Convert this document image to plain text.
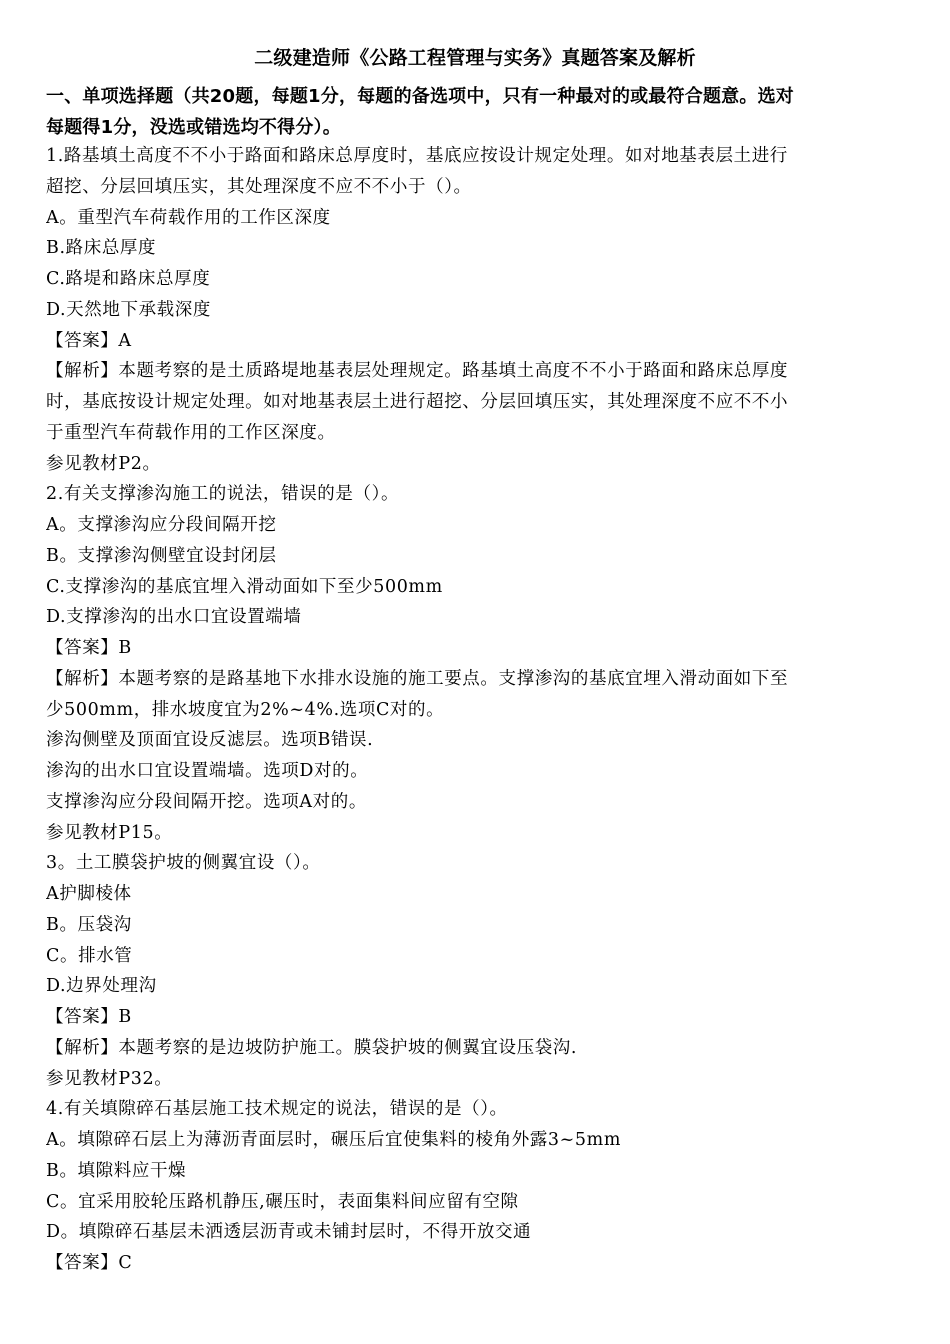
二级建造师《公路工程管理与实务》真题答案及解析
一、单项选择题（共20题，每题1分，每题的备选项中，只有一种最对的或最符合题意。选对
每题得1分，没选或错选均不得分）。
1.路基填土高度不不小于路面和路床总厚度时，基底应按设计规定处理。如对地基表层土进行
超挖、分层回填压实，其处理深度不应不不小于（）。
A。重型汽车荷载作用的工作区深度
B.路床总厚度
C.路堤和路床总厚度
D.天然地下承载深度
【答案】A
【解析】本题考察的是土质路堤地基表层处理规定。路基填土高度不不小于路面和路床总厚度
时，基底按设计规定处理。如对地基表层土进行超挖、分层回填压实，其处理深度不应不不小
于重型汽车荷载作用的工作区深度。
参见教材P2。
2.有关支撑渗沟施工的说法，错误的是（）。
A。支撑渗沟应分段间隔开挖
B。支撑渗沟侧壁宜设封闭层
C.支撑渗沟的基底宜埋入滑动面如下至少500mm
D.支撑渗沟的出水口宜设置端墙
【答案】B
【解析】本题考察的是路基地下水排水设施的施工要点。支撑渗沟的基底宜埋入滑动面如下至
少500mm，排水坡度宜为2%~4%.选项C对的。
渗沟侧壁及顶面宜设反滤层。选项B错误.
渗沟的出水口宜设置端墙。选项D对的。
支撑渗沟应分段间隔开挖。选项A对的。
参见教材P15。
3。土工膜袋护坡的侧翼宜设（）。
A护脚棱体
B。压袋沟
C。排水管
D.边界处理沟
【答案】B
【解析】本题考察的是边坡防护施工。膜袋护坡的侧翼宜设压袋沟.
参见教材P32。
4.有关填隙碎石基层施工技术规定的说法，错误的是（）。
A。填隙碎石层上为薄沥青面层时，碾压后宜使集料的棱角外露3~5mm
B。填隙料应干燥
C。宜采用胶轮压路机静压,碾压时，表面集料间应留有空隙
D。填隙碎石基层未洒透层沥青或未铺封层时，不得开放交通
【答案】C
